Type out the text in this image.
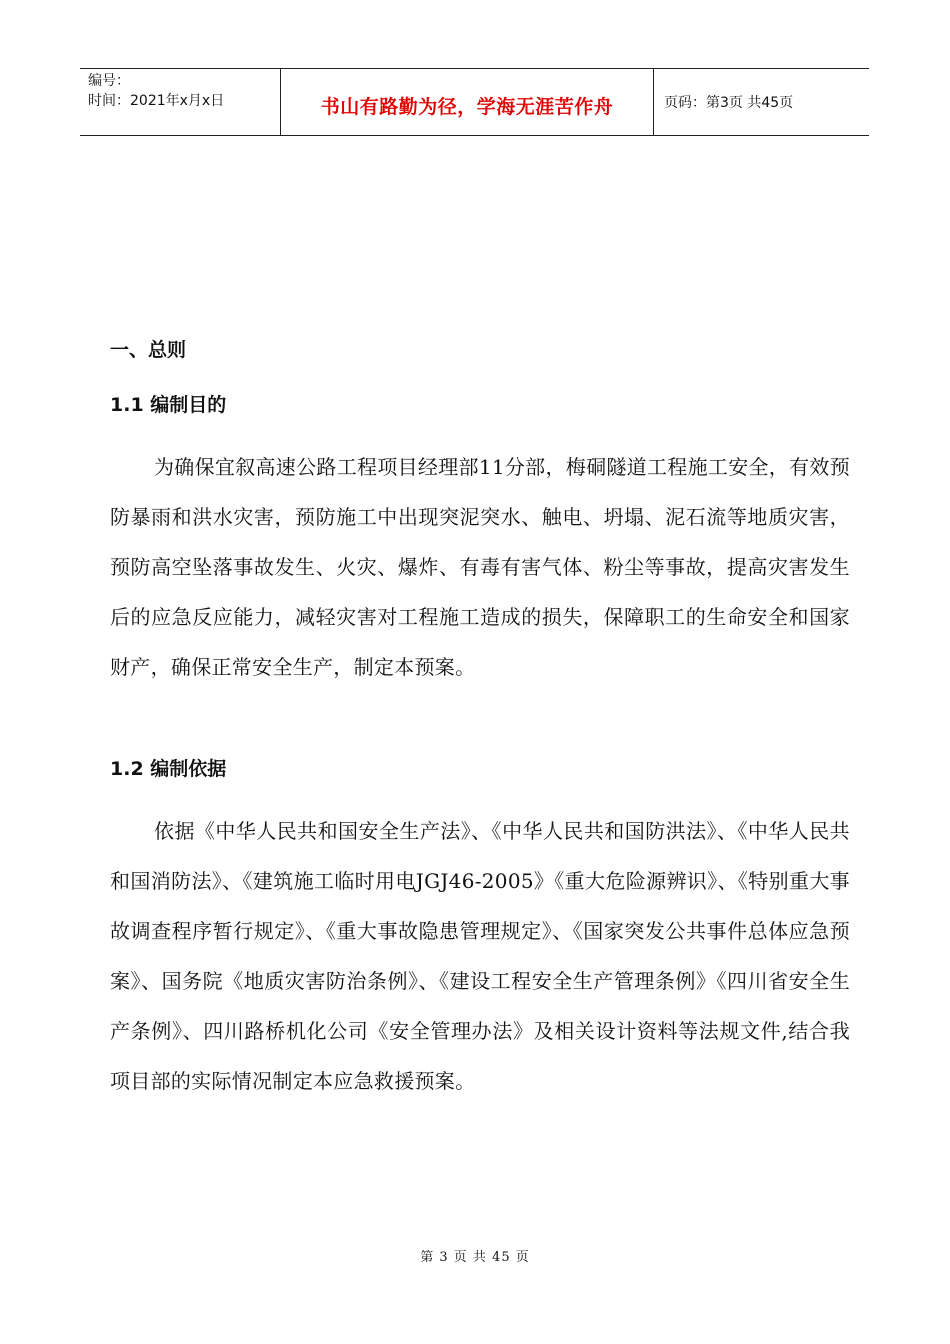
编号：
时间：2021年x月x日	书山有路勤为径，学海无涯苦作舟	页码：第3页 共45页
一、总则
1.1 编制目的

为确保宜叙高速公路工程项目经理部11分部，梅硐隧道工程施工安全，有效预防暴雨和洪水灾害，预防施工中出现突泥突水、触电、坍塌、泥石流等地质灾害，预防高空坠落事故发生、火灾、爆炸、有毒有害气体、粉尘等事故，提高灾害发生后的应急反应能力，减轻灾害对工程施工造成的损失，保障职工的生命安全和国家财产，确保正常安全生产，制定本预案。

1.2 编制依据

依据《中华人民共和国安全生产法》、《中华人民共和国防洪法》、《中华人民共和国消防法》、《建筑施工临时用电JGJ46-2005》《重大危险源辨识》、《特别重大事故调查程序暂行规定》、《重大事故隐患管理规定》、《国家突发公共事件总体应急预案》、国务院《地质灾害防治条例》、《建设工程安全生产管理条例》《四川省安全生产条例》、四川路桥机化公司《安全管理办法》及相关设计资料等法规文件,结合我项目部的实际情况制定本应急救援预案。

第 3 页 共 45 页
